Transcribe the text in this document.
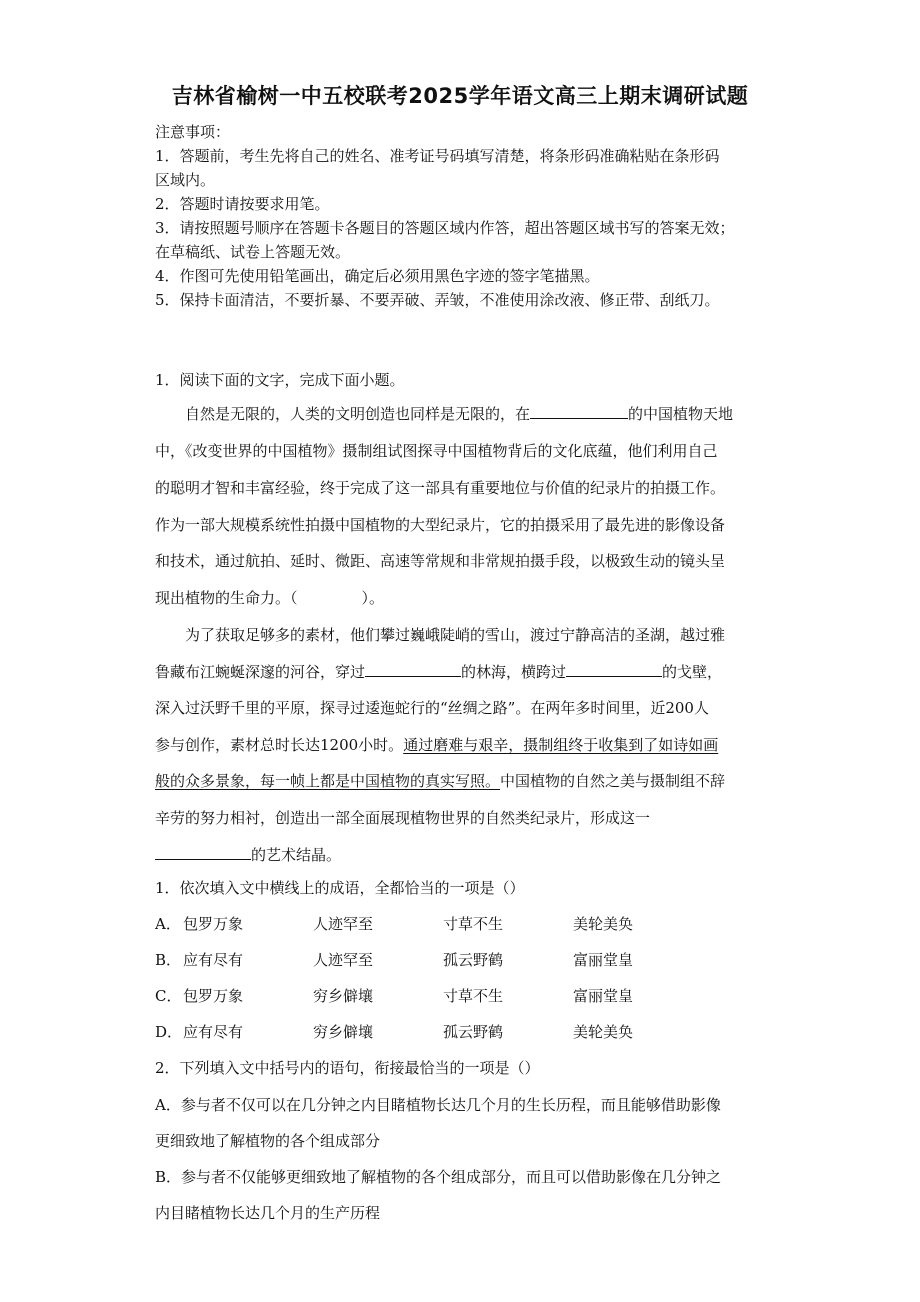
吉林省榆树一中五校联考2025学年语文高三上期末调研试题
注意事项：
1．答题前，考生先将自己的姓名、准考证号码填写清楚，将条形码准确粘贴在条形码
区域内。
2．答题时请按要求用笔。
3．请按照题号顺序在答题卡各题目的答题区域内作答，超出答题区域书写的答案无效；
在草稿纸、试卷上答题无效。
4．作图可先使用铅笔画出，确定后必须用黑色字迹的签字笔描黑。
5．保持卡面清洁，不要折暴、不要弄破、弄皱，不准使用涂改液、修正带、刮纸刀。
1．阅读下面的文字，完成下面小题。
自然是无限的，人类的文明创造也同样是无限的，在	的中国植物天地
中，《改变世界的中国植物》摄制组试图探寻中国植物背后的文化底蕴，他们利用自己
的聪明才智和丰富经验，终于完成了这一部具有重要地位与价值的纪录片的拍摄工作。
作为一部大规模系统性拍摄中国植物的大型纪录片，它的拍摄采用了最先进的影像设备
和技术，通过航拍、延时、微距、高速等常规和非常规拍摄手段，以极致生动的镜头呈
现出植物的生命力。（	）。
为了获取足够多的素材，他们攀过巍峨陡峭的雪山，渡过宁静高洁的圣湖，越过雅
鲁藏布江蜿蜒深邃的河谷，穿过	的林海，横跨过	的戈壁，
深入过沃野千里的平原，探寻过逶迤蛇行的“丝绸之路”。在两年多时间里，近200人
参与创作，素材总时长达1200小时。通过磨难与艰辛，摄制组终于收集到了如诗如画
般的众多景象，每一帧上都是中国植物的真实写照。中国植物的自然之美与摄制组不辞
辛劳的努力相衬，创造出一部全面展现植物世界的自然类纪录片，形成这一
的艺术结晶。
1．依次填入文中横线上的成语，全都恰当的一项是（）
A． 包罗万象	人迹罕至	寸草不生	美轮美奂
B． 应有尽有	人迹罕至	孤云野鹤	富丽堂皇
C． 包罗万象	穷乡僻壤	寸草不生	富丽堂皇
D． 应有尽有	穷乡僻壤	孤云野鹤	美轮美奂
2．下列填入文中括号内的语句，衔接最恰当的一项是（）
A．参与者不仅可以在几分钟之内目睹植物长达几个月的生长历程，而且能够借助影像
更细致地了解植物的各个组成部分
B．参与者不仅能够更细致地了解植物的各个组成部分，而且可以借助影像在几分钟之
内目睹植物长达几个月的生产历程
